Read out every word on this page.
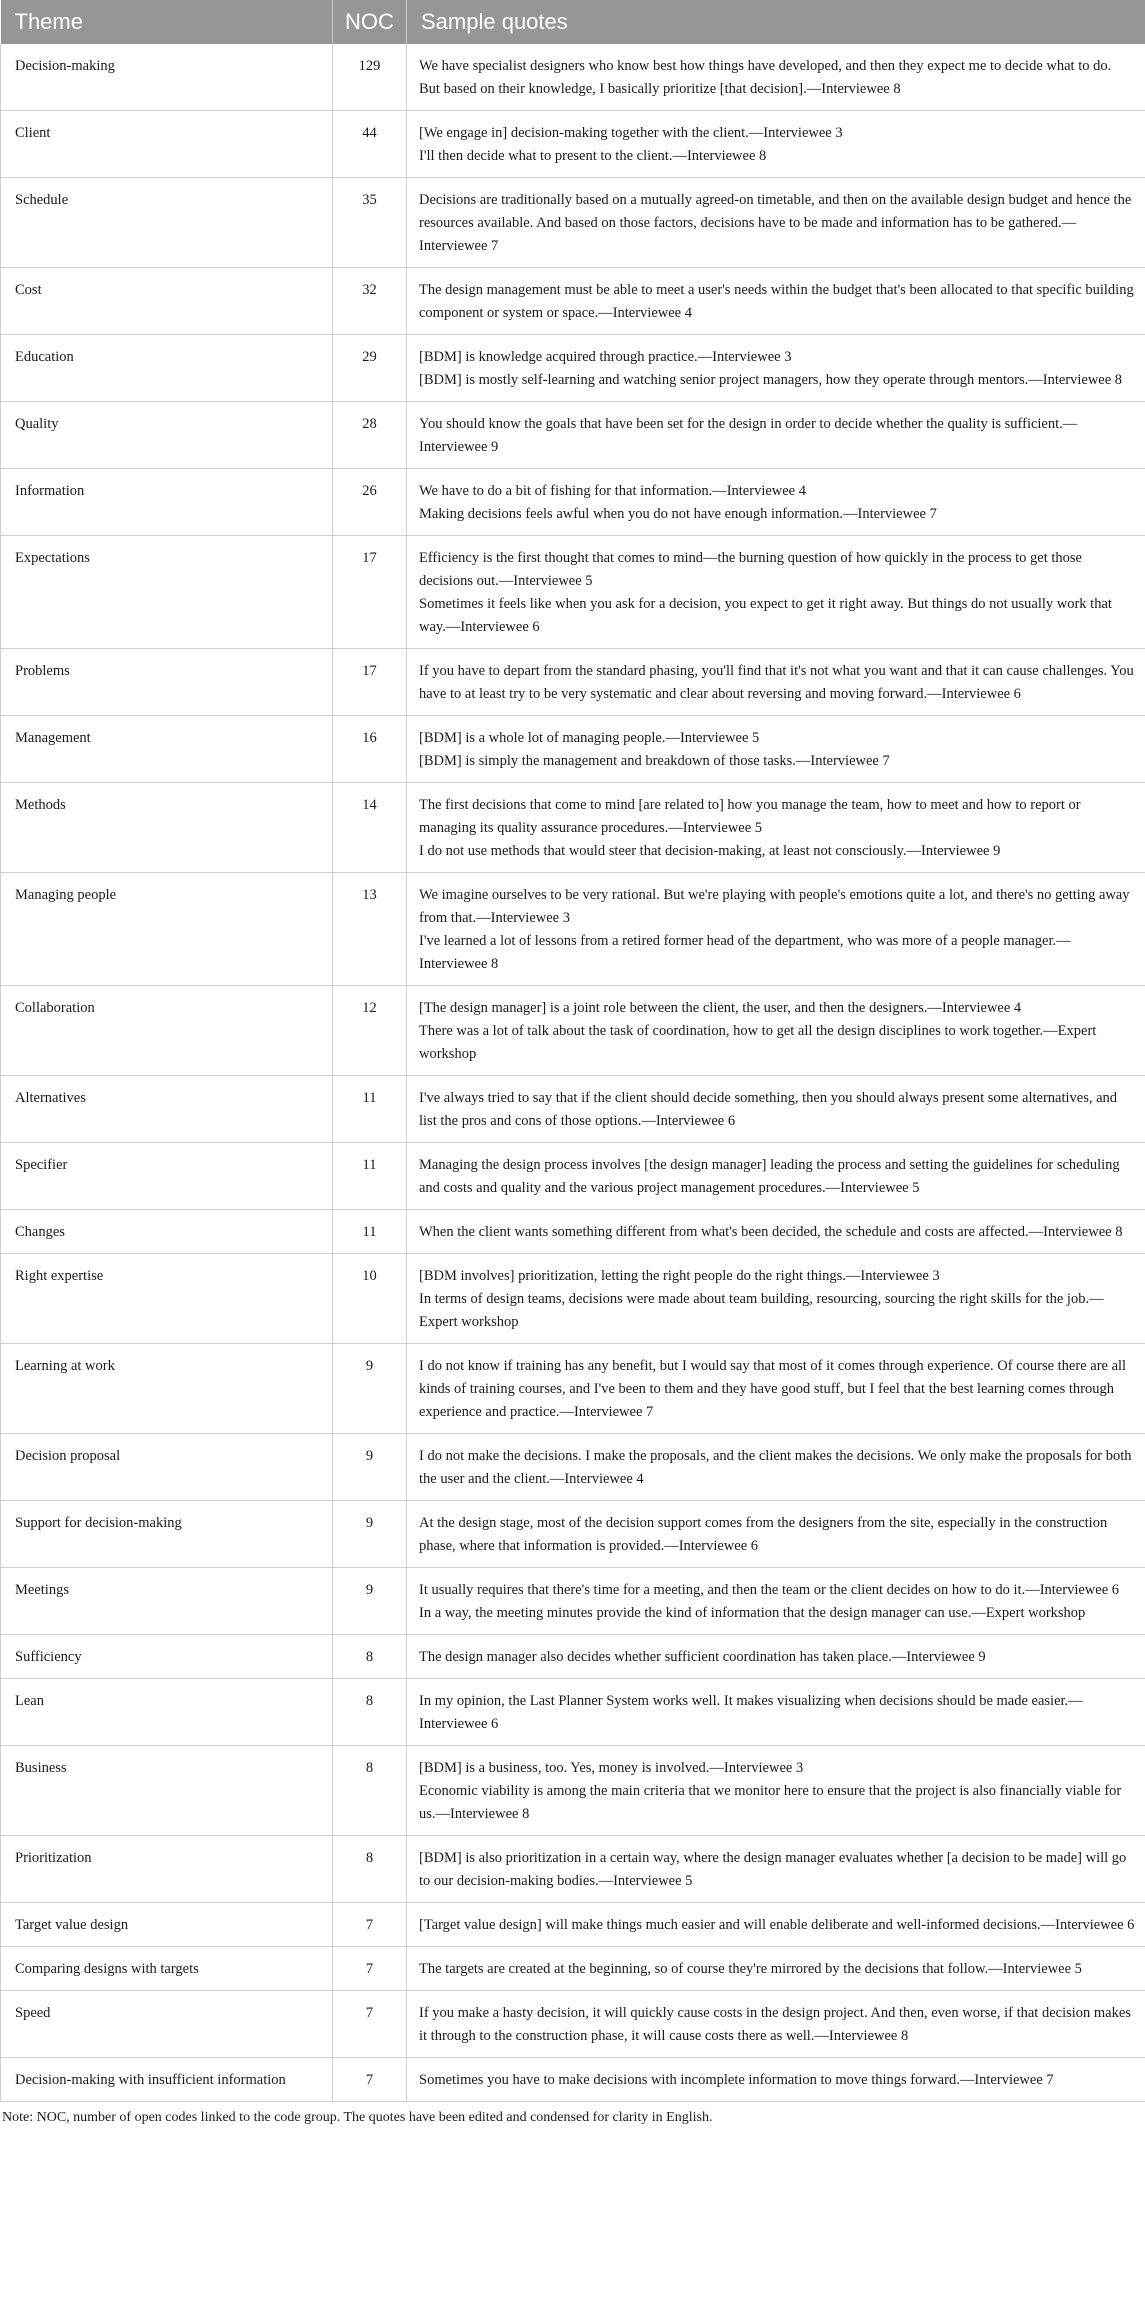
Theme	NOC	Sample quotes
Decision-making	129	We have specialist designers who know best how things have developed, and then they expect me to decide what to do. But based on their knowledge, I basically prioritize [that decision].—Interviewee 8

Client	44	[We engage in] decision-making together with the client.—Interviewee 3
I'll then decide what to present to the client.—Interviewee 8

Schedule	35	Decisions are traditionally based on a mutually agreed-on timetable, and then on the available design budget and hence the resources available. And based on those factors, decisions have to be made and information has to be gathered.—Interviewee 7

Cost	32	The design management must be able to meet a user's needs within the budget that's been allocated to that specific building component or system or space.—Interviewee 4

Education	29	[BDM] is knowledge acquired through practice.—Interviewee 3
[BDM] is mostly self-learning and watching senior project managers, how they operate through mentors.—Interviewee 8

Quality	28	You should know the goals that have been set for the design in order to decide whether the quality is sufficient.—Interviewee 9

Information	26	We have to do a bit of fishing for that information.—Interviewee 4
Making decisions feels awful when you do not have enough information.—Interviewee 7

Expectations	17	Efficiency is the first thought that comes to mind—the burning question of how quickly in the process to get those decisions out.—Interviewee 5
Sometimes it feels like when you ask for a decision, you expect to get it right away. But things do not usually work that way.—Interviewee 6

Problems	17	If you have to depart from the standard phasing, you'll find that it's not what you want and that it can cause challenges. You have to at least try to be very systematic and clear about reversing and moving forward.—Interviewee 6

Management	16	[BDM] is a whole lot of managing people.—Interviewee 5
[BDM] is simply the management and breakdown of those tasks.—Interviewee 7

Methods	14	The first decisions that come to mind [are related to] how you manage the team, how to meet and how to report or managing its quality assurance procedures.—Interviewee 5
I do not use methods that would steer that decision-making, at least not consciously.—Interviewee 9

Managing people	13	We imagine ourselves to be very rational. But we're playing with people's emotions quite a lot, and there's no getting away from that.—Interviewee 3
I've learned a lot of lessons from a retired former head of the department, who was more of a people manager.—Interviewee 8

Collaboration	12	[The design manager] is a joint role between the client, the user, and then the designers.—Interviewee 4
There was a lot of talk about the task of coordination, how to get all the design disciplines to work together.—Expert workshop

Alternatives	11	I've always tried to say that if the client should decide something, then you should always present some alternatives, and list the pros and cons of those options.—Interviewee 6

Specifier	11	Managing the design process involves [the design manager] leading the process and setting the guidelines for scheduling and costs and quality and the various project management procedures.—Interviewee 5

Changes	11	When the client wants something different from what's been decided, the schedule and costs are affected.—Interviewee 8

Right expertise	10	[BDM involves] prioritization, letting the right people do the right things.—Interviewee 3
In terms of design teams, decisions were made about team building, resourcing, sourcing the right skills for the job.—Expert workshop

Learning at work	9	I do not know if training has any benefit, but I would say that most of it comes through experience. Of course there are all kinds of training courses, and I've been to them and they have good stuff, but I feel that the best learning comes through experience and practice.—Interviewee 7

Decision proposal	9	I do not make the decisions. I make the proposals, and the client makes the decisions. We only make the proposals for both the user and the client.—Interviewee 4

Support for decision-making	9	At the design stage, most of the decision support comes from the designers from the site, especially in the construction phase, where that information is provided.—Interviewee 6

Meetings	9	It usually requires that there's time for a meeting, and then the team or the client decides on how to do it.—Interviewee 6
In a way, the meeting minutes provide the kind of information that the design manager can use.—Expert workshop

Sufficiency	8	The design manager also decides whether sufficient coordination has taken place.—Interviewee 9

Lean	8	In my opinion, the Last Planner System works well. It makes visualizing when decisions should be made easier.—Interviewee 6

Business	8	[BDM] is a business, too. Yes, money is involved.—Interviewee 3
Economic viability is among the main criteria that we monitor here to ensure that the project is also financially viable for us.—Interviewee 8

Prioritization	8	[BDM] is also prioritization in a certain way, where the design manager evaluates whether [a decision to be made] will go to our decision-making bodies.—Interviewee 5

Target value design	7	[Target value design] will make things much easier and will enable deliberate and well-informed decisions.—Interviewee 6

Comparing designs with targets	7	The targets are created at the beginning, so of course they're mirrored by the decisions that follow.—Interviewee 5

Speed	7	If you make a hasty decision, it will quickly cause costs in the design project. And then, even worse, if that decision makes it through to the construction phase, it will cause costs there as well.—Interviewee 8

Decision-making with insufficient information	7	Sometimes you have to make decisions with incomplete information to move things forward.—Interviewee 7
Note: NOC, number of open codes linked to the code group. The quotes have been edited and condensed for clarity in English.
